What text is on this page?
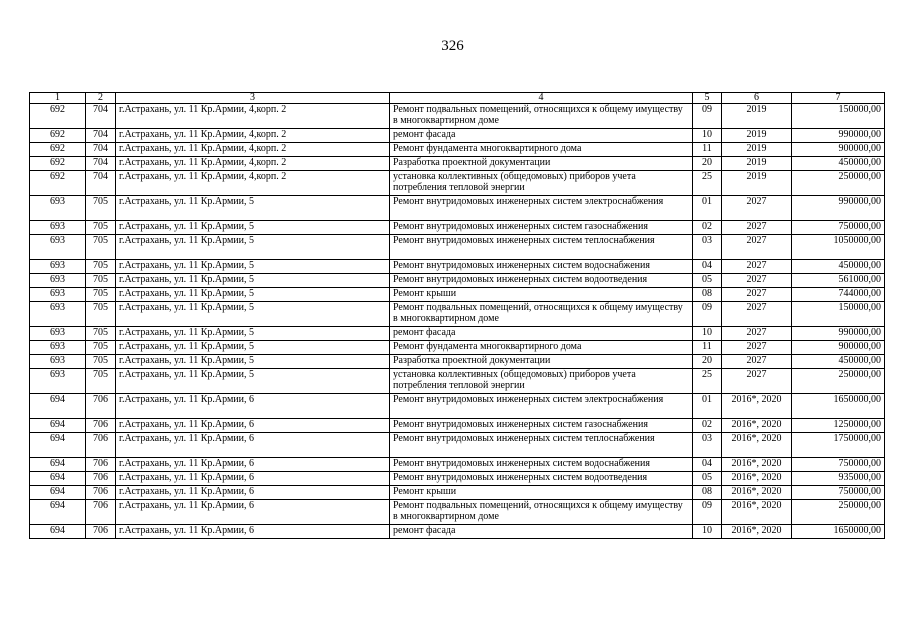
326
1	2	3	4	5	6	7
692	704	г.Астрахань, ул. 11 Кр.Армии, 4,корп. 2	Ремонт подвальных помещений, относящихся к общему имуществу в многоквартирном доме	09	2019	150000,00
692	704	г.Астрахань, ул. 11 Кр.Армии, 4,корп. 2	ремонт фасада	10	2019	990000,00
692	704	г.Астрахань, ул. 11 Кр.Армии, 4,корп. 2	Ремонт фундамента многоквартирного дома	11	2019	900000,00
692	704	г.Астрахань, ул. 11 Кр.Армии, 4,корп. 2	Разработка проектной документации	20	2019	450000,00
692	704	г.Астрахань, ул. 11 Кр.Армии, 4,корп. 2	установка коллективных (общедомовых) приборов учета потребления тепловой энергии	25	2019	250000,00
693	705	г.Астрахань, ул. 11 Кр.Армии, 5	Ремонт внутридомовых инженерных систем электроснабжения	01	2027	990000,00
693	705	г.Астрахань, ул. 11 Кр.Армии, 5	Ремонт внутридомовых инженерных систем газоснабжения	02	2027	750000,00
693	705	г.Астрахань, ул. 11 Кр.Армии, 5	Ремонт внутридомовых инженерных систем теплоснабжения	03	2027	1050000,00
693	705	г.Астрахань, ул. 11 Кр.Армии, 5	Ремонт внутридомовых инженерных систем водоснабжения	04	2027	450000,00
693	705	г.Астрахань, ул. 11 Кр.Армии, 5	Ремонт внутридомовых инженерных систем водоотведения	05	2027	561000,00
693	705	г.Астрахань, ул. 11 Кр.Армии, 5	Ремонт крыши	08	2027	744000,00
693	705	г.Астрахань, ул. 11 Кр.Армии, 5	Ремонт подвальных помещений, относящихся к общему имуществу в многоквартирном доме	09	2027	150000,00
693	705	г.Астрахань, ул. 11 Кр.Армии, 5	ремонт фасада	10	2027	990000,00
693	705	г.Астрахань, ул. 11 Кр.Армии, 5	Ремонт фундамента многоквартирного дома	11	2027	900000,00
693	705	г.Астрахань, ул. 11 Кр.Армии, 5	Разработка проектной документации	20	2027	450000,00
693	705	г.Астрахань, ул. 11 Кр.Армии, 5	установка коллективных (общедомовых) приборов учета потребления тепловой энергии	25	2027	250000,00
694	706	г.Астрахань, ул. 11 Кр.Армии, 6	Ремонт внутридомовых инженерных систем электроснабжения	01	2016*, 2020	1650000,00
694	706	г.Астрахань, ул. 11 Кр.Армии, 6	Ремонт внутридомовых инженерных систем газоснабжения	02	2016*, 2020	1250000,00
694	706	г.Астрахань, ул. 11 Кр.Армии, 6	Ремонт внутридомовых инженерных систем теплоснабжения	03	2016*, 2020	1750000,00
694	706	г.Астрахань, ул. 11 Кр.Армии, 6	Ремонт внутридомовых инженерных систем водоснабжения	04	2016*, 2020	750000,00
694	706	г.Астрахань, ул. 11 Кр.Армии, 6	Ремонт внутридомовых инженерных систем водоотведения	05	2016*, 2020	935000,00
694	706	г.Астрахань, ул. 11 Кр.Армии, 6	Ремонт крыши	08	2016*, 2020	750000,00
694	706	г.Астрахань, ул. 11 Кр.Армии, 6	Ремонт подвальных помещений, относящихся к общему имуществу в многоквартирном доме	09	2016*, 2020	250000,00
694	706	г.Астрахань, ул. 11 Кр.Армии, 6	ремонт фасада	10	2016*, 2020	1650000,00
